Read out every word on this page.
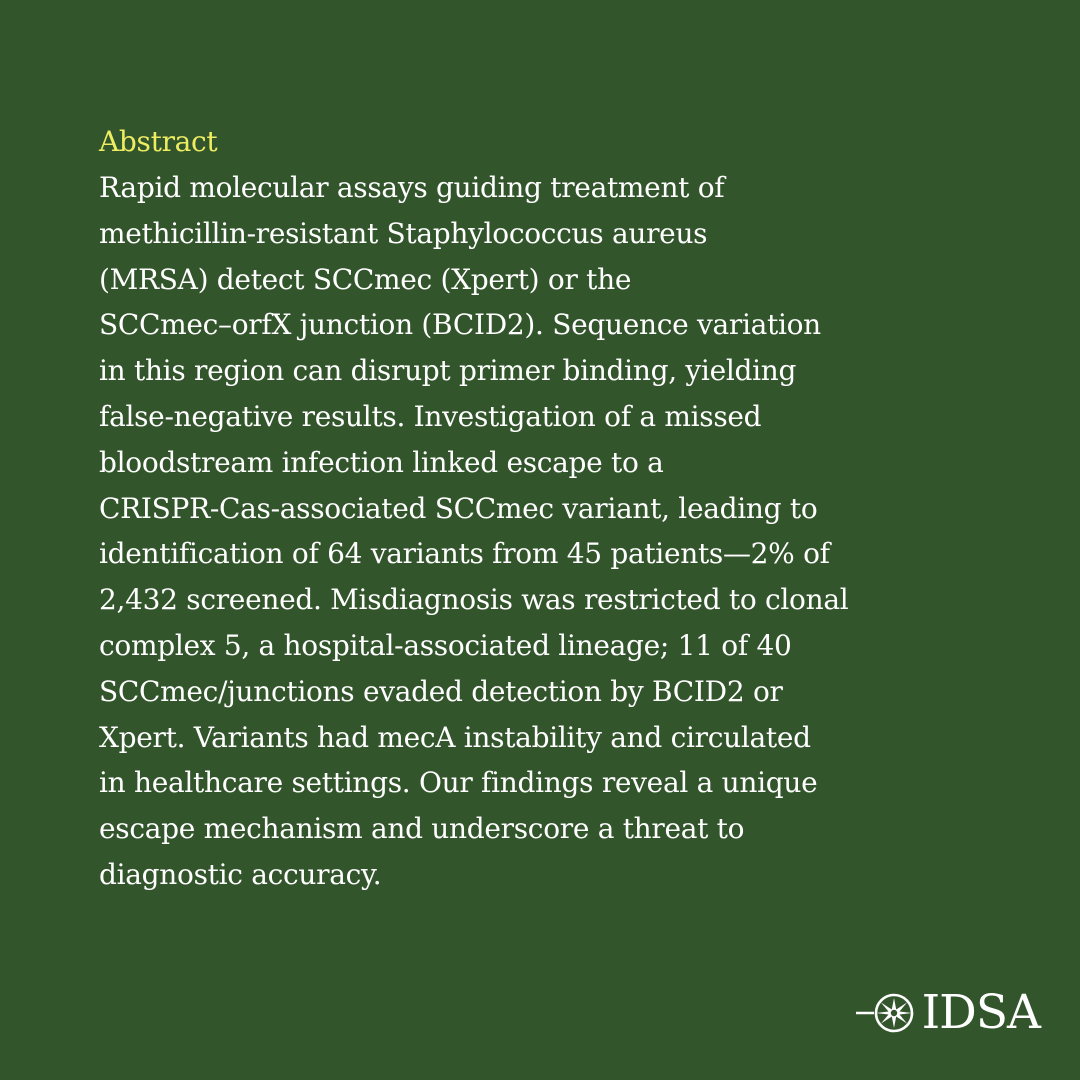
Abstract

Rapid molecular assays guiding treatment of
methicillin-resistant Staphylococcus aureus
(MRSA) detect SCCmec (Xpert) or the
SCCmec–orfX junction (BCID2). Sequence variation
in this region can disrupt primer binding, yielding
false-negative results. Investigation of a missed
bloodstream infection linked escape to a
CRISPR-Cas-associated SCCmec variant, leading to
identification of 64 variants from 45 patients—2% of
2,432 screened. Misdiagnosis was restricted to clonal
complex 5, a hospital-associated lineage; 11 of 40
SCCmec/junctions evaded detection by BCID2 or
Xpert. Variants had mecA instability and circulated
in healthcare settings. Our findings reveal a unique
escape mechanism and underscore a threat to
diagnostic accuracy.

IDSA
